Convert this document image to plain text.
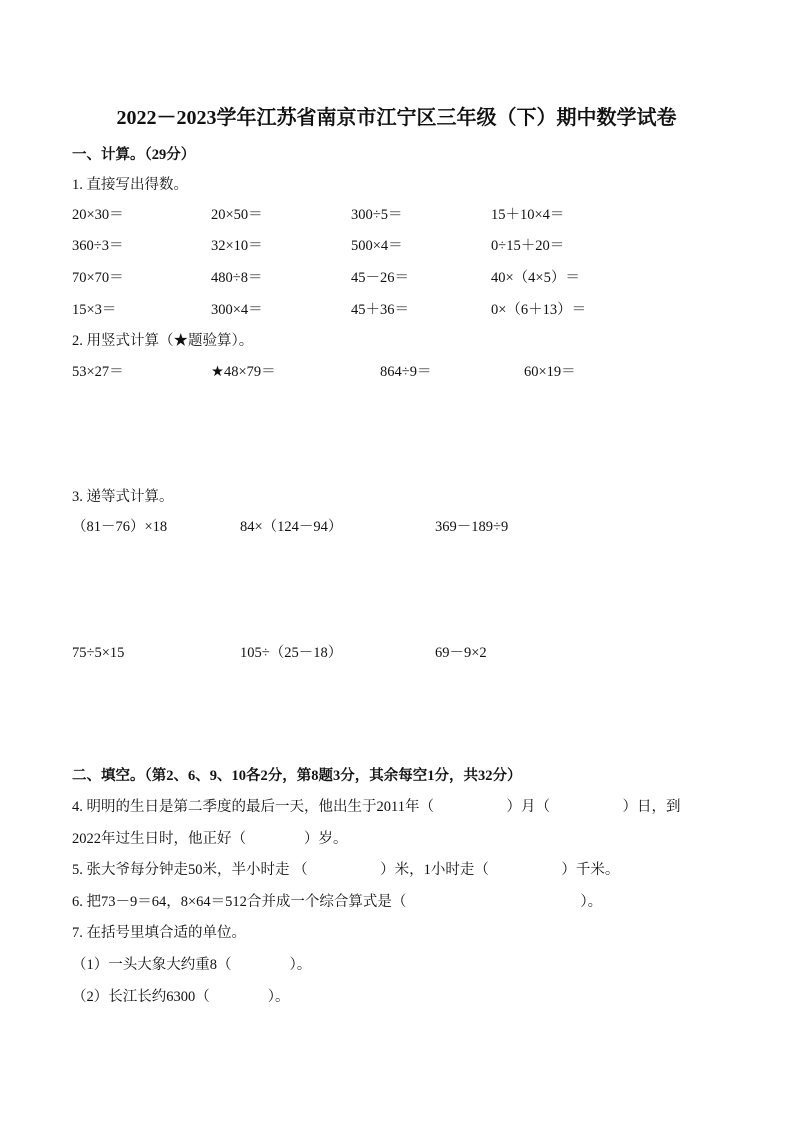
2022－2023学年江苏省南京市江宁区三年级（下）期中数学试卷
一、计算。（29分）
1. 直接写出得数。
20×30＝	20×50＝	300÷5＝	15＋10×4＝
360÷3＝	32×10＝	500×4＝	0÷15＋20＝
70×70＝	480÷8＝	45－26＝	40×（4×5）＝
15×3＝	300×4＝	45＋36＝	0×（6＋13）＝
2. 用竖式计算（★题验算）。
53×27＝	★48×79＝	864÷9＝	60×19＝
3. 递等式计算。
（81－76）×18	84×（124－94）	369－189÷9
75÷5×15	105÷（25－18）	69－9×2
二、填空。（第2、6、9、10各2分，第8题3分，其余每空1分，共32分）
4. 明明的生日是第二季度的最后一天，他出生于2011年（　　　　　）月（　　　　　）日，到
2022年过生日时，他正好（　　　　）岁。
5. 张大爷每分钟走50米，半小时走 （　　　　　）米，1小时走（　　　　　）千米。
6. 把73－9＝64，8×64＝512合并成一个综合算式是（　　　　　　　　　　　　）。
7. 在括号里填合适的单位。
（1）一头大象大约重8（　　　　）。
（2）长江长约6300（　　　　）。
